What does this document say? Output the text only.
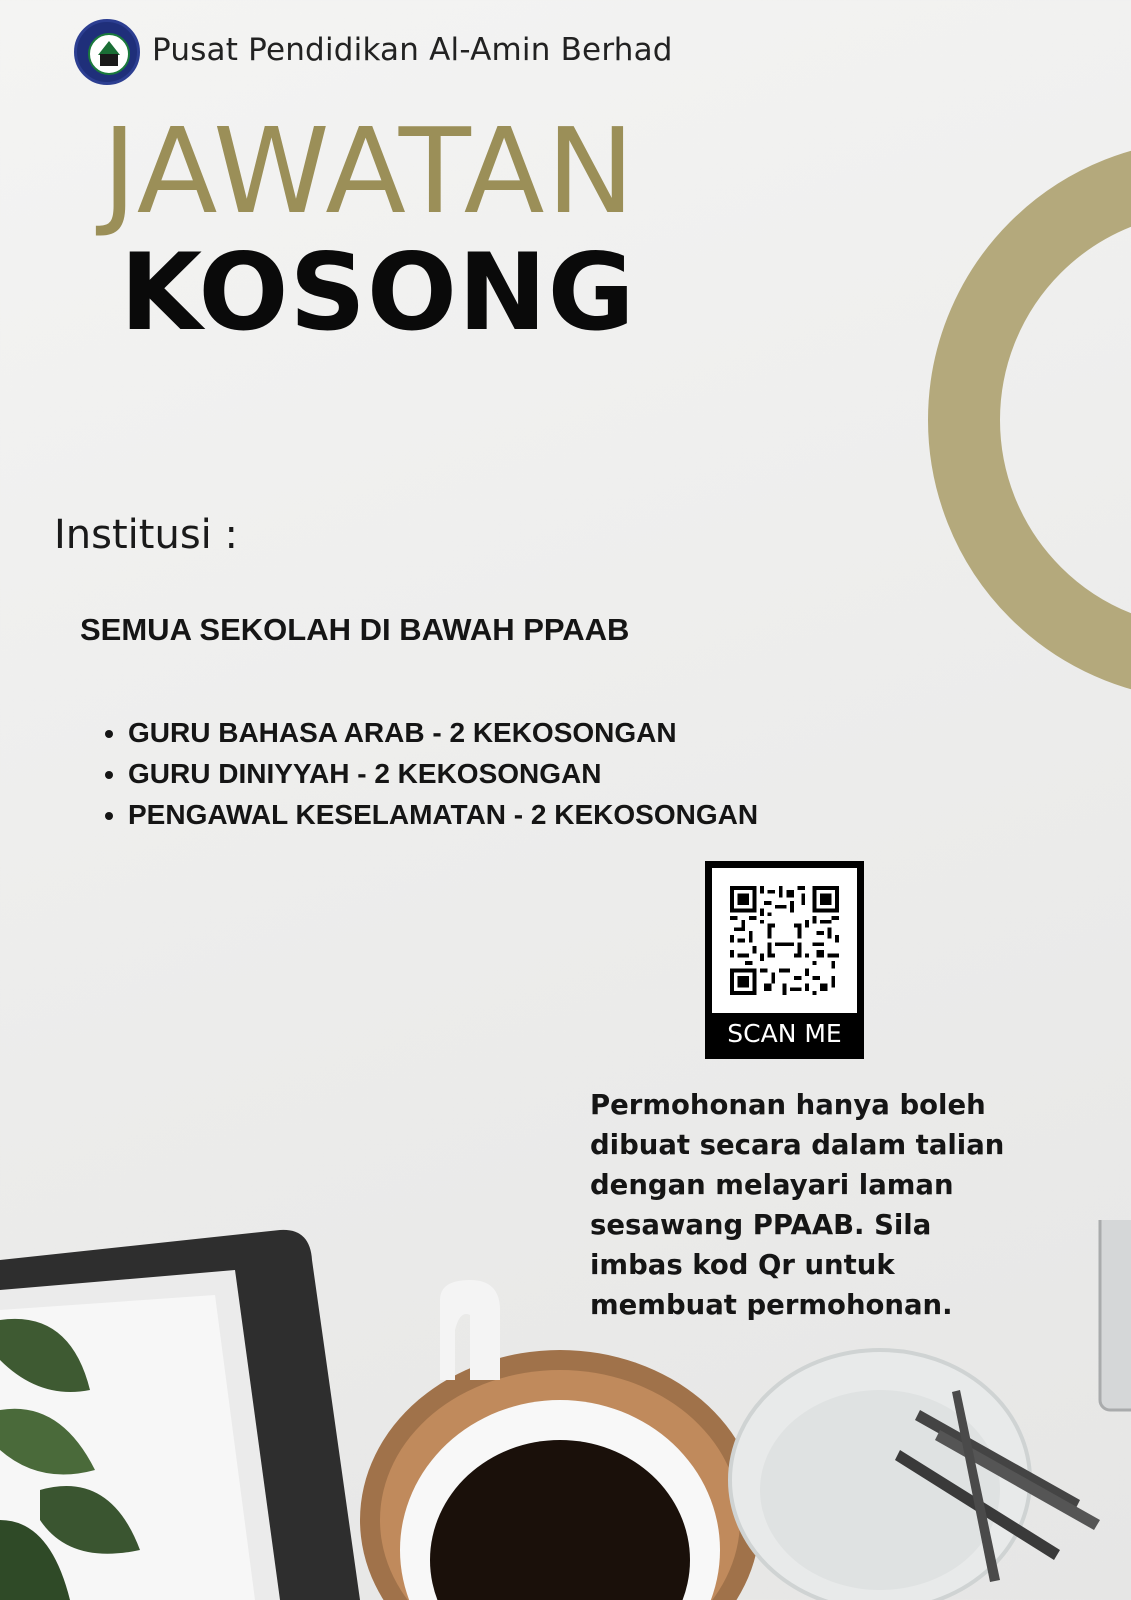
Pusat Pendidikan Al-Amin Berhad
JAWATAN
KOSONG
Institusi :
SEMUA SEKOLAH DI BAWAH PPAAB
• GURU BAHASA ARAB - 2 KEKOSONGAN
• GURU DINIYYAH - 2 KEKOSONGAN
• PENGAWAL KESELAMATAN - 2 KEKOSONGAN
SCAN ME
Permohonan hanya boleh dibuat secara dalam talian dengan melayari laman sesawang PPAAB. Sila imbas kod Qr untuk membuat permohonan.
